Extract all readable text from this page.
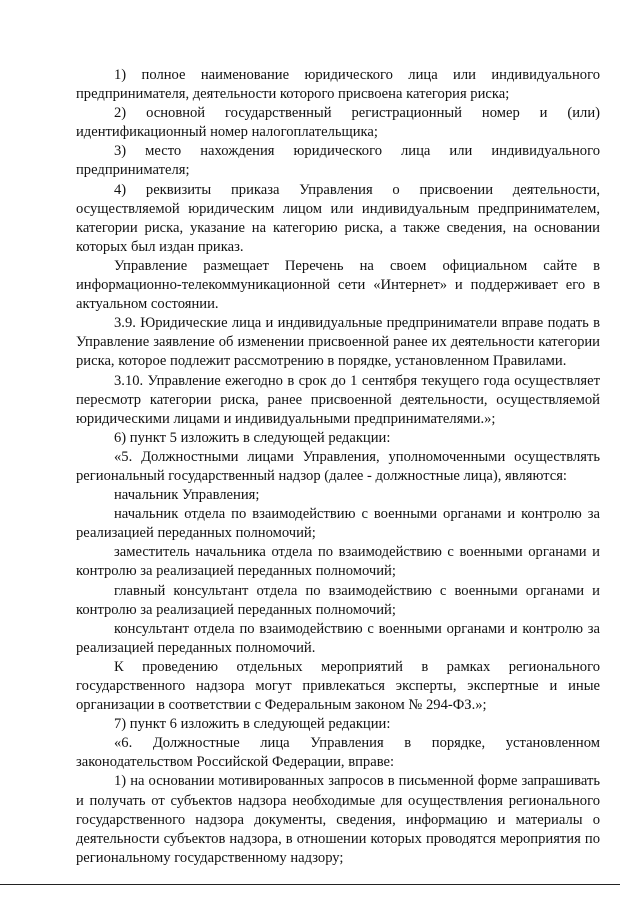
1) полное наименование юридического лица или индивидуального предпринимателя, деятельности которого присвоена категория риска;

2) основной государственный регистрационный номер и (или) идентификационный номер налогоплательщика;

3) место нахождения юридического лица или индивидуального предпринимателя;

4) реквизиты приказа Управления о присвоении деятельности, осуществляемой юридическим лицом или индивидуальным предпринимателем, категории риска, указание на категорию риска, а также сведения, на основании которых был издан приказ.

Управление размещает Перечень на своем официальном сайте в информационно-телекоммуникационной сети «Интернет» и поддерживает его в актуальном состоянии.

3.9. Юридические лица и индивидуальные предприниматели вправе подать в Управление заявление об изменении присвоенной ранее их деятельности категории риска, которое подлежит рассмотрению в порядке, установленном Правилами.

3.10. Управление ежегодно в срок до 1 сентября текущего года осуществляет пересмотр категории риска, ранее присвоенной деятельности, осуществляемой юридическими лицами и индивидуальными предпринимателями.»;

6) пункт 5 изложить в следующей редакции:

«5. Должностными лицами Управления, уполномоченными осуществлять региональный государственный надзор (далее - должностные лица), являются:

начальник Управления;

начальник отдела по взаимодействию с военными органами и контролю за реализацией переданных полномочий;

заместитель начальника отдела по взаимодействию с военными органами и контролю за реализацией переданных полномочий;

главный консультант отдела по взаимодействию с военными органами и контролю за реализацией переданных полномочий;

консультант отдела по взаимодействию с военными органами и контролю за реализацией переданных полномочий.

К проведению отдельных мероприятий в рамках регионального государственного надзора могут привлекаться эксперты, экспертные и иные организации в соответствии с Федеральным законом № 294-ФЗ.»;

7) пункт 6 изложить в следующей редакции:

«6. Должностные лица Управления в порядке, установленном законодательством Российской Федерации, вправе:

1) на основании мотивированных запросов в письменной форме запрашивать и получать от субъектов надзора необходимые для осуществления регионального государственного надзора документы, сведения, информацию и материалы о деятельности субъектов надзора, в отношении которых проводятся мероприятия по региональному государственному надзору;
